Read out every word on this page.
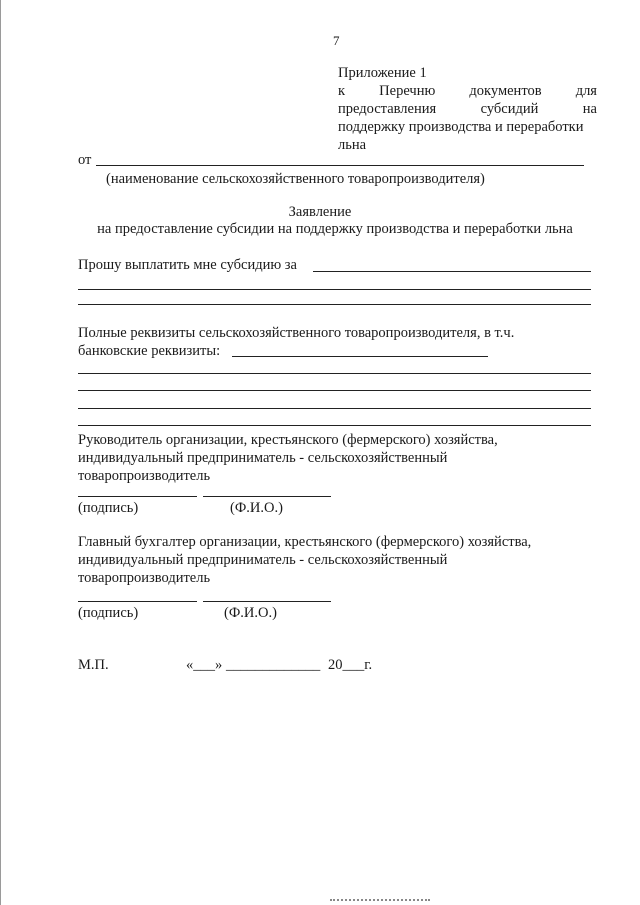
7
Приложение 1
к Перечню документов для
предоставления	субсидий	на
поддержку производства и переработки
льна
от
(наименование сельскохозяйственного товаропроизводителя)
Заявление
на предоставление субсидии на поддержку производства и переработки льна
Прошу выплатить мне субсидию за
Полные реквизиты сельскохозяйственного товаропроизводителя, в т.ч.
банковские реквизиты:
Руководитель организации, крестьянского (фермерского) хозяйства,
индивидуальный предприниматель - сельскохозяйственный
товаропроизводитель
(подпись)	(Ф.И.О.)
Главный бухгалтер организации, крестьянского (фермерского) хозяйства,
индивидуальный предприниматель - сельскохозяйственный
товаропроизводитель
(подпись)	(Ф.И.О.)
М.П.	«___» _____________ 20___г.
